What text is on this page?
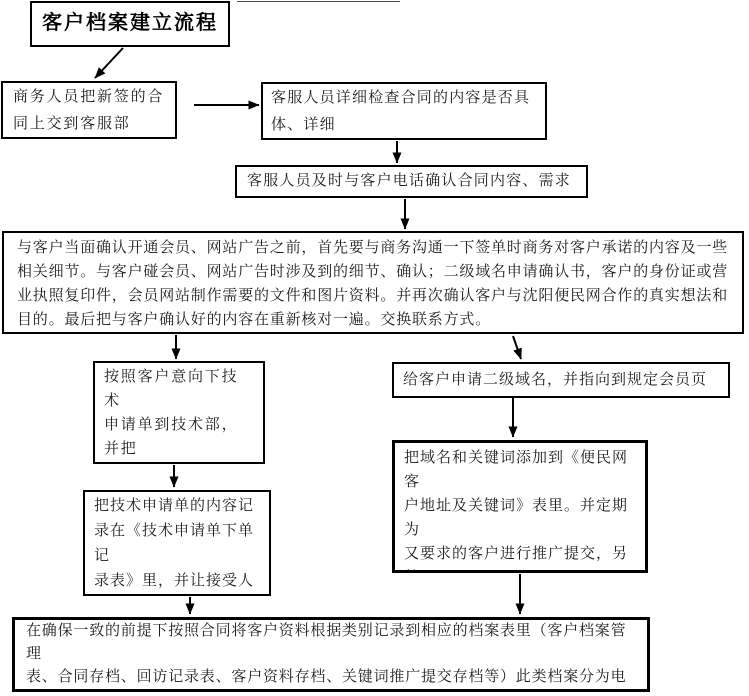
客户档案建立流程
商务人员把新签的合
同上交到客服部
客服人员详细检查合同的内容是否具
体、详细
客服人员及时与客户电话确认合同内容、需求
与客户当面确认开通会员、网站广告之前，首先要与商务沟通一下签单时商务对客户承诺的内容及一些
相关细节。与客户碰会员、网站广告时涉及到的细节、确认；二级域名申请确认书，客户的身份证或营
业执照复印件，会员网站制作需要的文件和图片资料。并再次确认客户与沈阳便民网合作的真实想法和
目的。最后把与客户确认好的内容在重新核对一遍。交换联系方式。
按照客户意向下技术
申请单到技术部，并把

给客户申请二级域名，并指向到规定会员页
把技术申请单的内容记
录在《技术申请单下单记
录表》里，并让接受人

把域名和关键词添加到《便民网客
户地址及关键词》表里。并定期为
又要求的客户进行推广提交，另

在确保一致的前提下按照合同将客户资料根据类别记录到相应的档案表里（客户档案管理
表、合同存档、回访记录表、客户资料存档、关键词推广提交存档等）此类档案分为电
